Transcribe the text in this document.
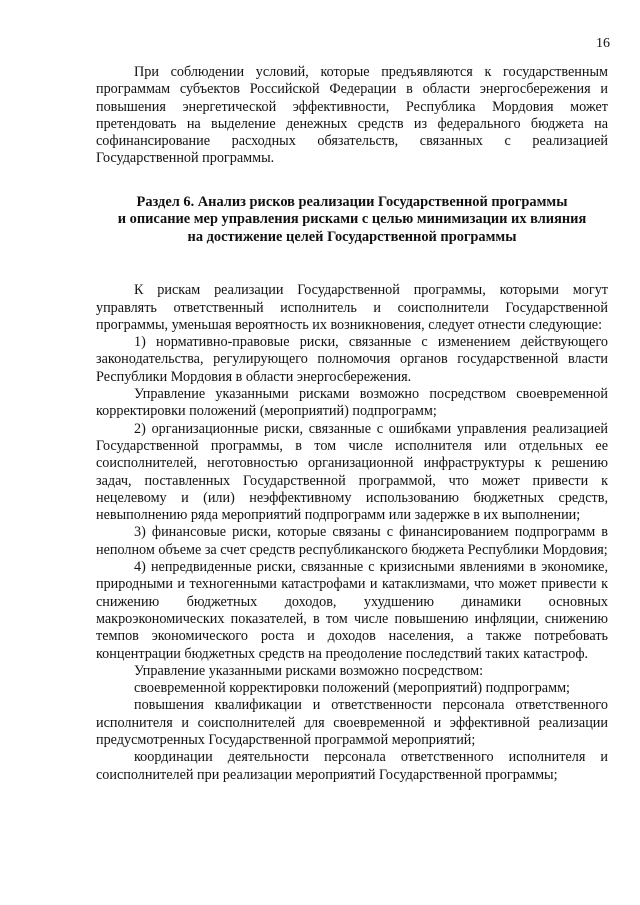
16

При соблюдении условий, которые предъявляются к государственным программам субъектов Российской Федерации в области энергосбережения и повышения энергетической эффективности, Республика Мордовия может претендовать на выделение денежных средств из федерального бюджета на софинансирование расходных обязательств, связанных с реализацией Государственной программы.

Раздел 6. Анализ рисков реализации Государственной программы
и описание мер управления рисками с целью минимизации их влияния
на достижение целей Государственной программы

К рискам реализации Государственной программы, которыми могут управлять ответственный исполнитель и соисполнители Государственной программы, уменьшая вероятность их возникновения, следует отнести следующие:

1) нормативно-правовые риски, связанные с изменением действующего законодательства, регулирующего полномочия органов государственной власти Республики Мордовия в области энергосбережения.

Управление указанными рисками возможно посредством своевременной корректировки положений (мероприятий) подпрограмм;

2) организационные риски, связанные с ошибками управления реализацией Государственной программы, в том числе исполнителя или отдельных ее соисполнителей, неготовностью организационной инфраструктуры к решению задач, поставленных Государственной программой, что может привести к нецелевому и (или) неэффективному использованию бюджетных средств, невыполнению ряда мероприятий подпрограмм или задержке в их выполнении;

3) финансовые риски, которые связаны с финансированием подпрограмм в неполном объеме за счет средств республиканского бюджета Республики Мордовия;

4) непредвиденные риски, связанные с кризисными явлениями в экономике, природными и техногенными катастрофами и катаклизмами, что может привести к снижению бюджетных доходов, ухудшению динамики основных макроэкономических показателей, в том числе повышению инфляции, снижению темпов экономического роста и доходов населения, а также потребовать концентрации бюджетных средств на преодоление последствий таких катастроф.

Управление указанными рисками возможно посредством:

своевременной корректировки положений (мероприятий) подпрограмм;

повышения квалификации и ответственности персонала ответственного исполнителя и соисполнителей для своевременной и эффективной реализации предусмотренных Государственной программой мероприятий;

координации деятельности персонала ответственного исполнителя и соисполнителей при реализации мероприятий Государственной программы;
